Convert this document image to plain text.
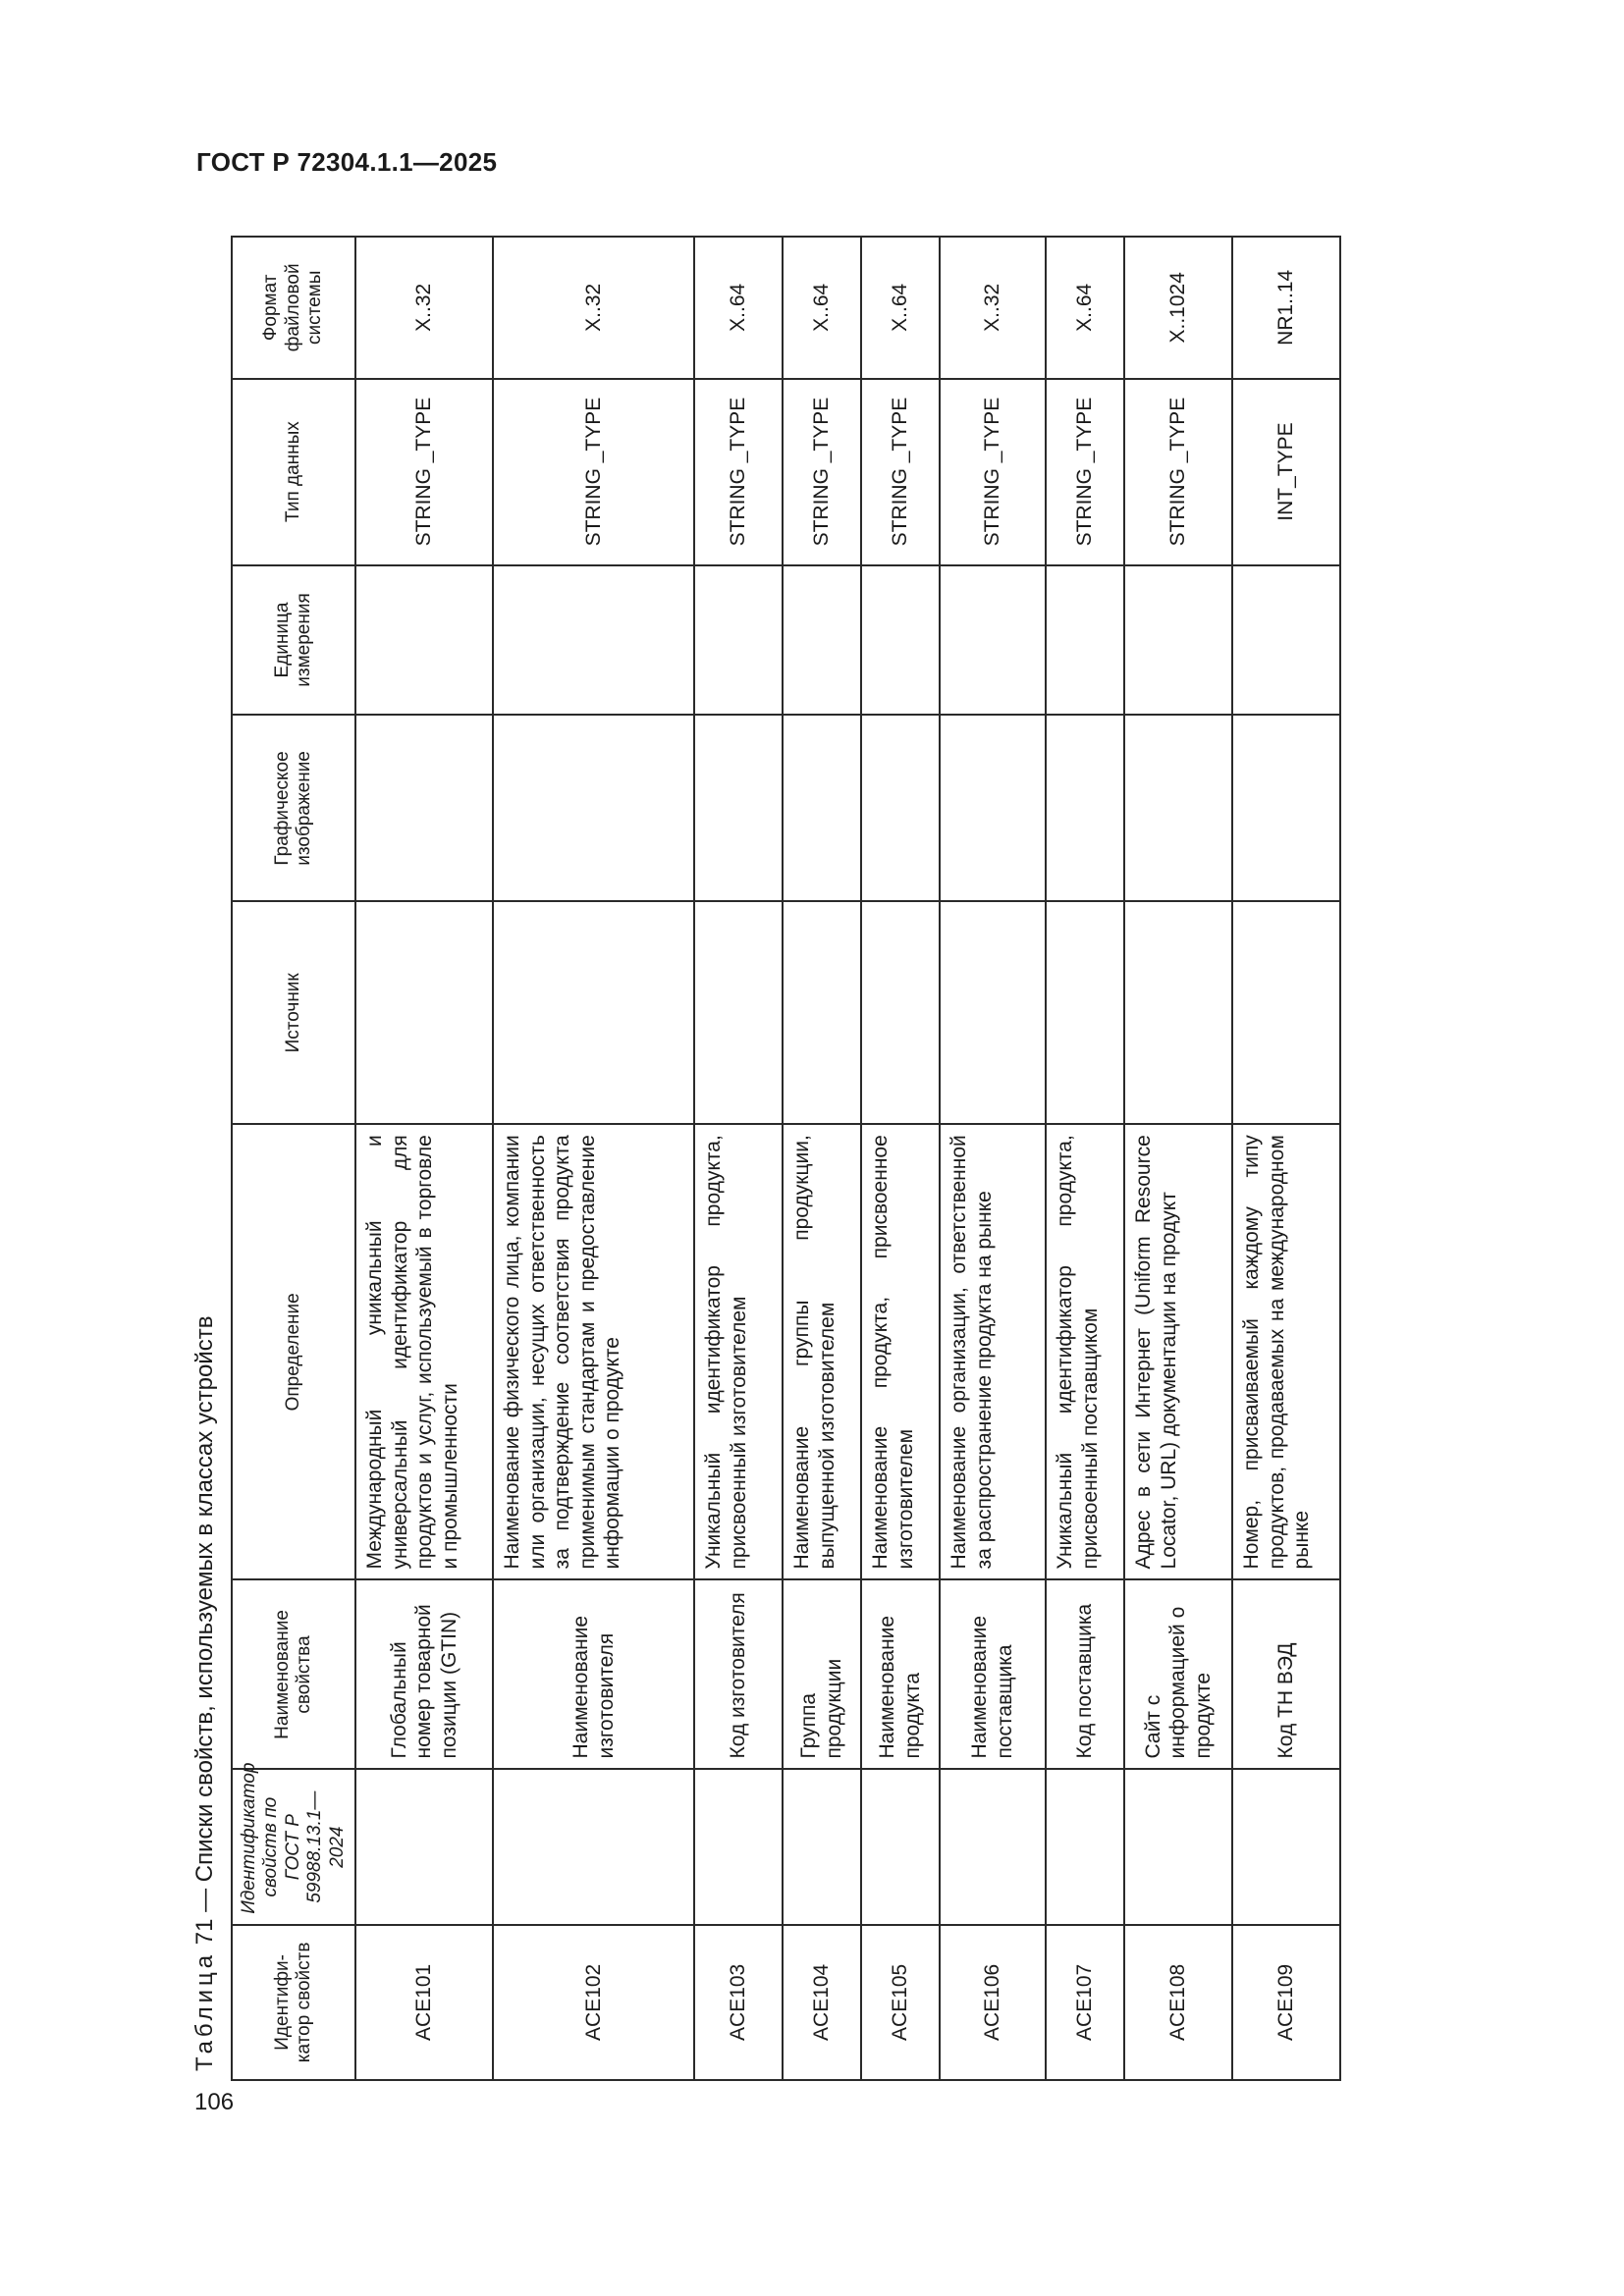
ГОСТ Р 72304.1.1—2025
Таблица 71 — Списки свойств, используемых в классах устройств
Идентифи-катор свойств	Идентификатор свойств по ГОСТ Р 59988.13.1—2024	Наименование свойства	Определение	Источник	Графическое изображение	Единица измерения	Тип данных	Формат файловой системы
ACE101		Глобальный номер товарной позиции (GTIN)	Международный уникальный и универсальный идентификатор для продуктов и услуг, используемый в торговле и промышленности				STRING _TYPE	X..32
ACE102		Наименование изготовителя	Наименование физического лица, компании или организации, несущих ответственность за подтверждение соответствия продукта применимым стандартам и предоставление информации о продукте				STRING _TYPE	X..32
ACE103		Код изготовителя	Уникальный идентификатор продукта, присвоенный изготовителем				STRING _TYPE	X..64
ACE104		Группа продукции	Наименование группы продукции, выпущенной изготовителем				STRING _TYPE	X..64
ACE105		Наименование продукта	Наименование продукта, присвоенное изготовителем				STRING _TYPE	X..64
ACE106		Наименование поставщика	Наименование организации, ответственной за распространение продукта на рынке				STRING _TYPE	X..32
ACE107		Код поставщика	Уникальный идентификатор продукта, присвоенный поставщиком				STRING _TYPE	X..64
ACE108		Сайт с информацией о продукте	Адрес в сети Интернет (Uniform Resource Locator, URL) документации на продукт				STRING _TYPE	X..1024
ACE109		Код ТН ВЭД	Номер, присваиваемый каждому типу продуктов, продаваемых на международном рынке				INT_TYPE	NR1..14
106
